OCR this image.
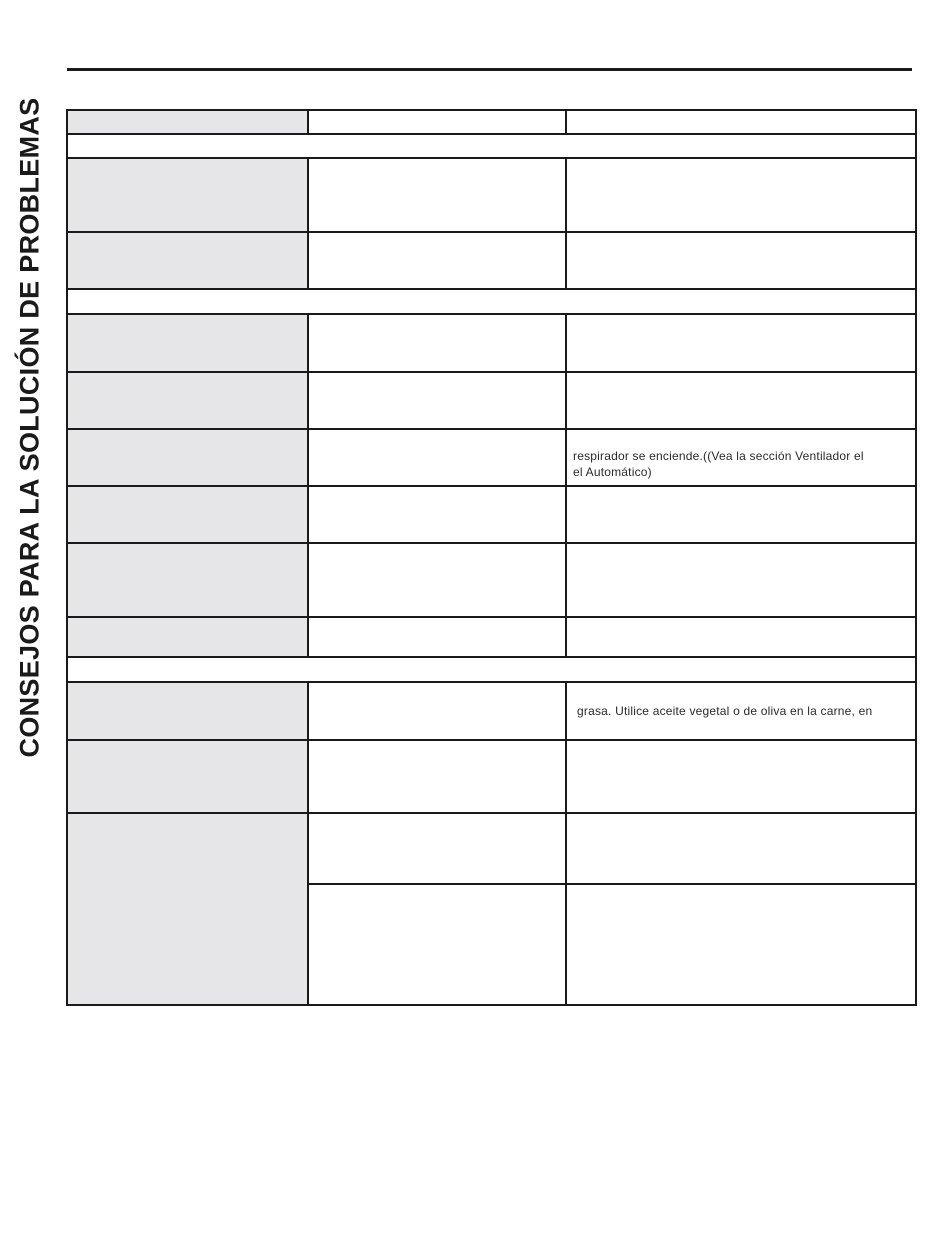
CONSEJOS PARA LA SOLUCIÓN DE PROBLEMAS	respirador se enciende.((Vea la sección Ventilador el
el Automático)
grasa. Utilice aceite vegetal o de oliva en la carne, en
